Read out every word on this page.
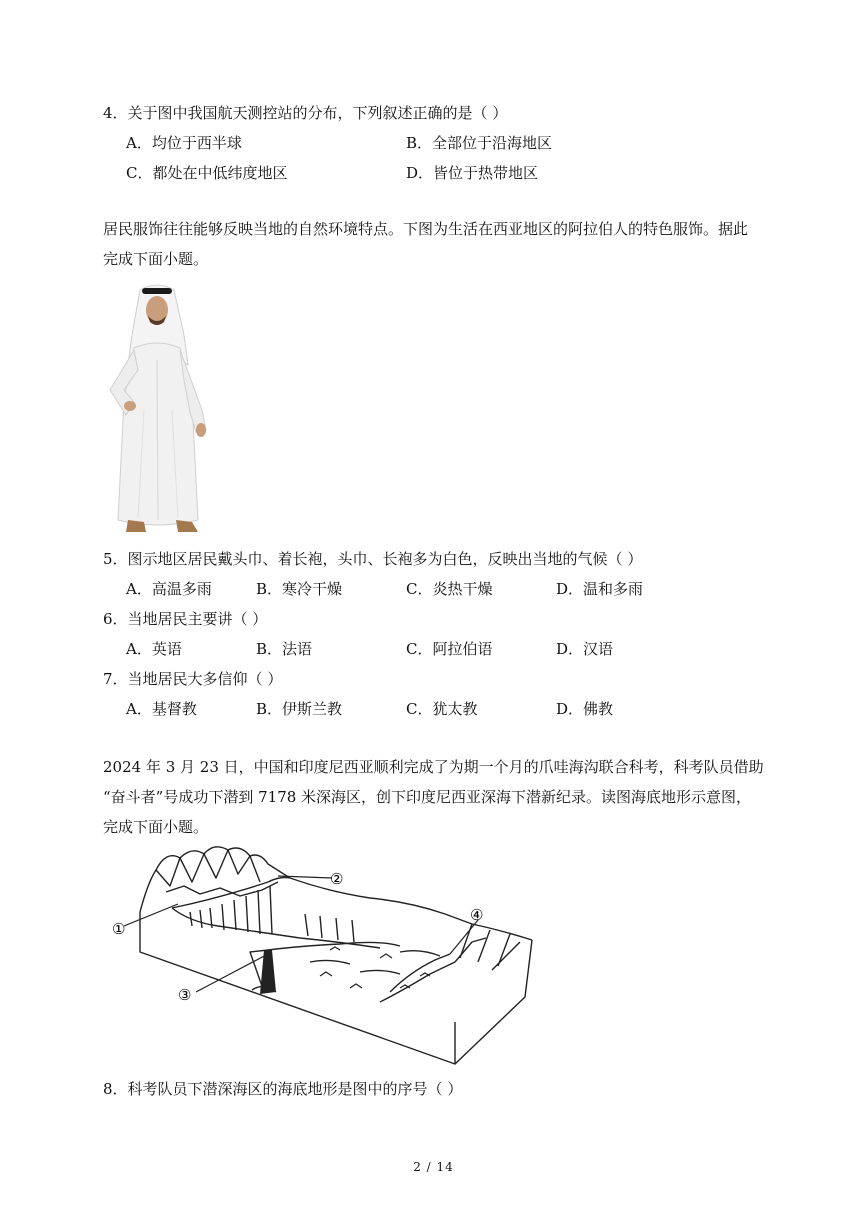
4．关于图中我国航天测控站的分布，下列叙述正确的是（ ）
A．均位于西半球	B．全部位于沿海地区
C．都处在中低纬度地区	D．皆位于热带地区
居民服饰往往能够反映当地的自然环境特点。下图为生活在西亚地区的阿拉伯人的特色服饰。据此
完成下面小题。
5．图示地区居民戴头巾、着长袍，头巾、长袍多为白色，反映出当地的气候（ ）
A．高温多雨	B．寒冷干燥	C．炎热干燥	D．温和多雨
6．当地居民主要讲（ ）
A．英语	B．法语	C．阿拉伯语	D．汉语
7．当地居民大多信仰（ ）
A．基督教	B．伊斯兰教	C．犹太教	D．佛教
2024 年 3 月 23 日，中国和印度尼西亚顺利完成了为期一个月的爪哇海沟联合科考，科考队员借助
“奋斗者”号成功下潜到 7178 米深海区，创下印度尼西亚深海下潜新纪录。读图海底地形示意图，
完成下面小题。
①
②
③
④
8．科考队员下潜深海区的海底地形是图中的序号（ ）
2 / 14
